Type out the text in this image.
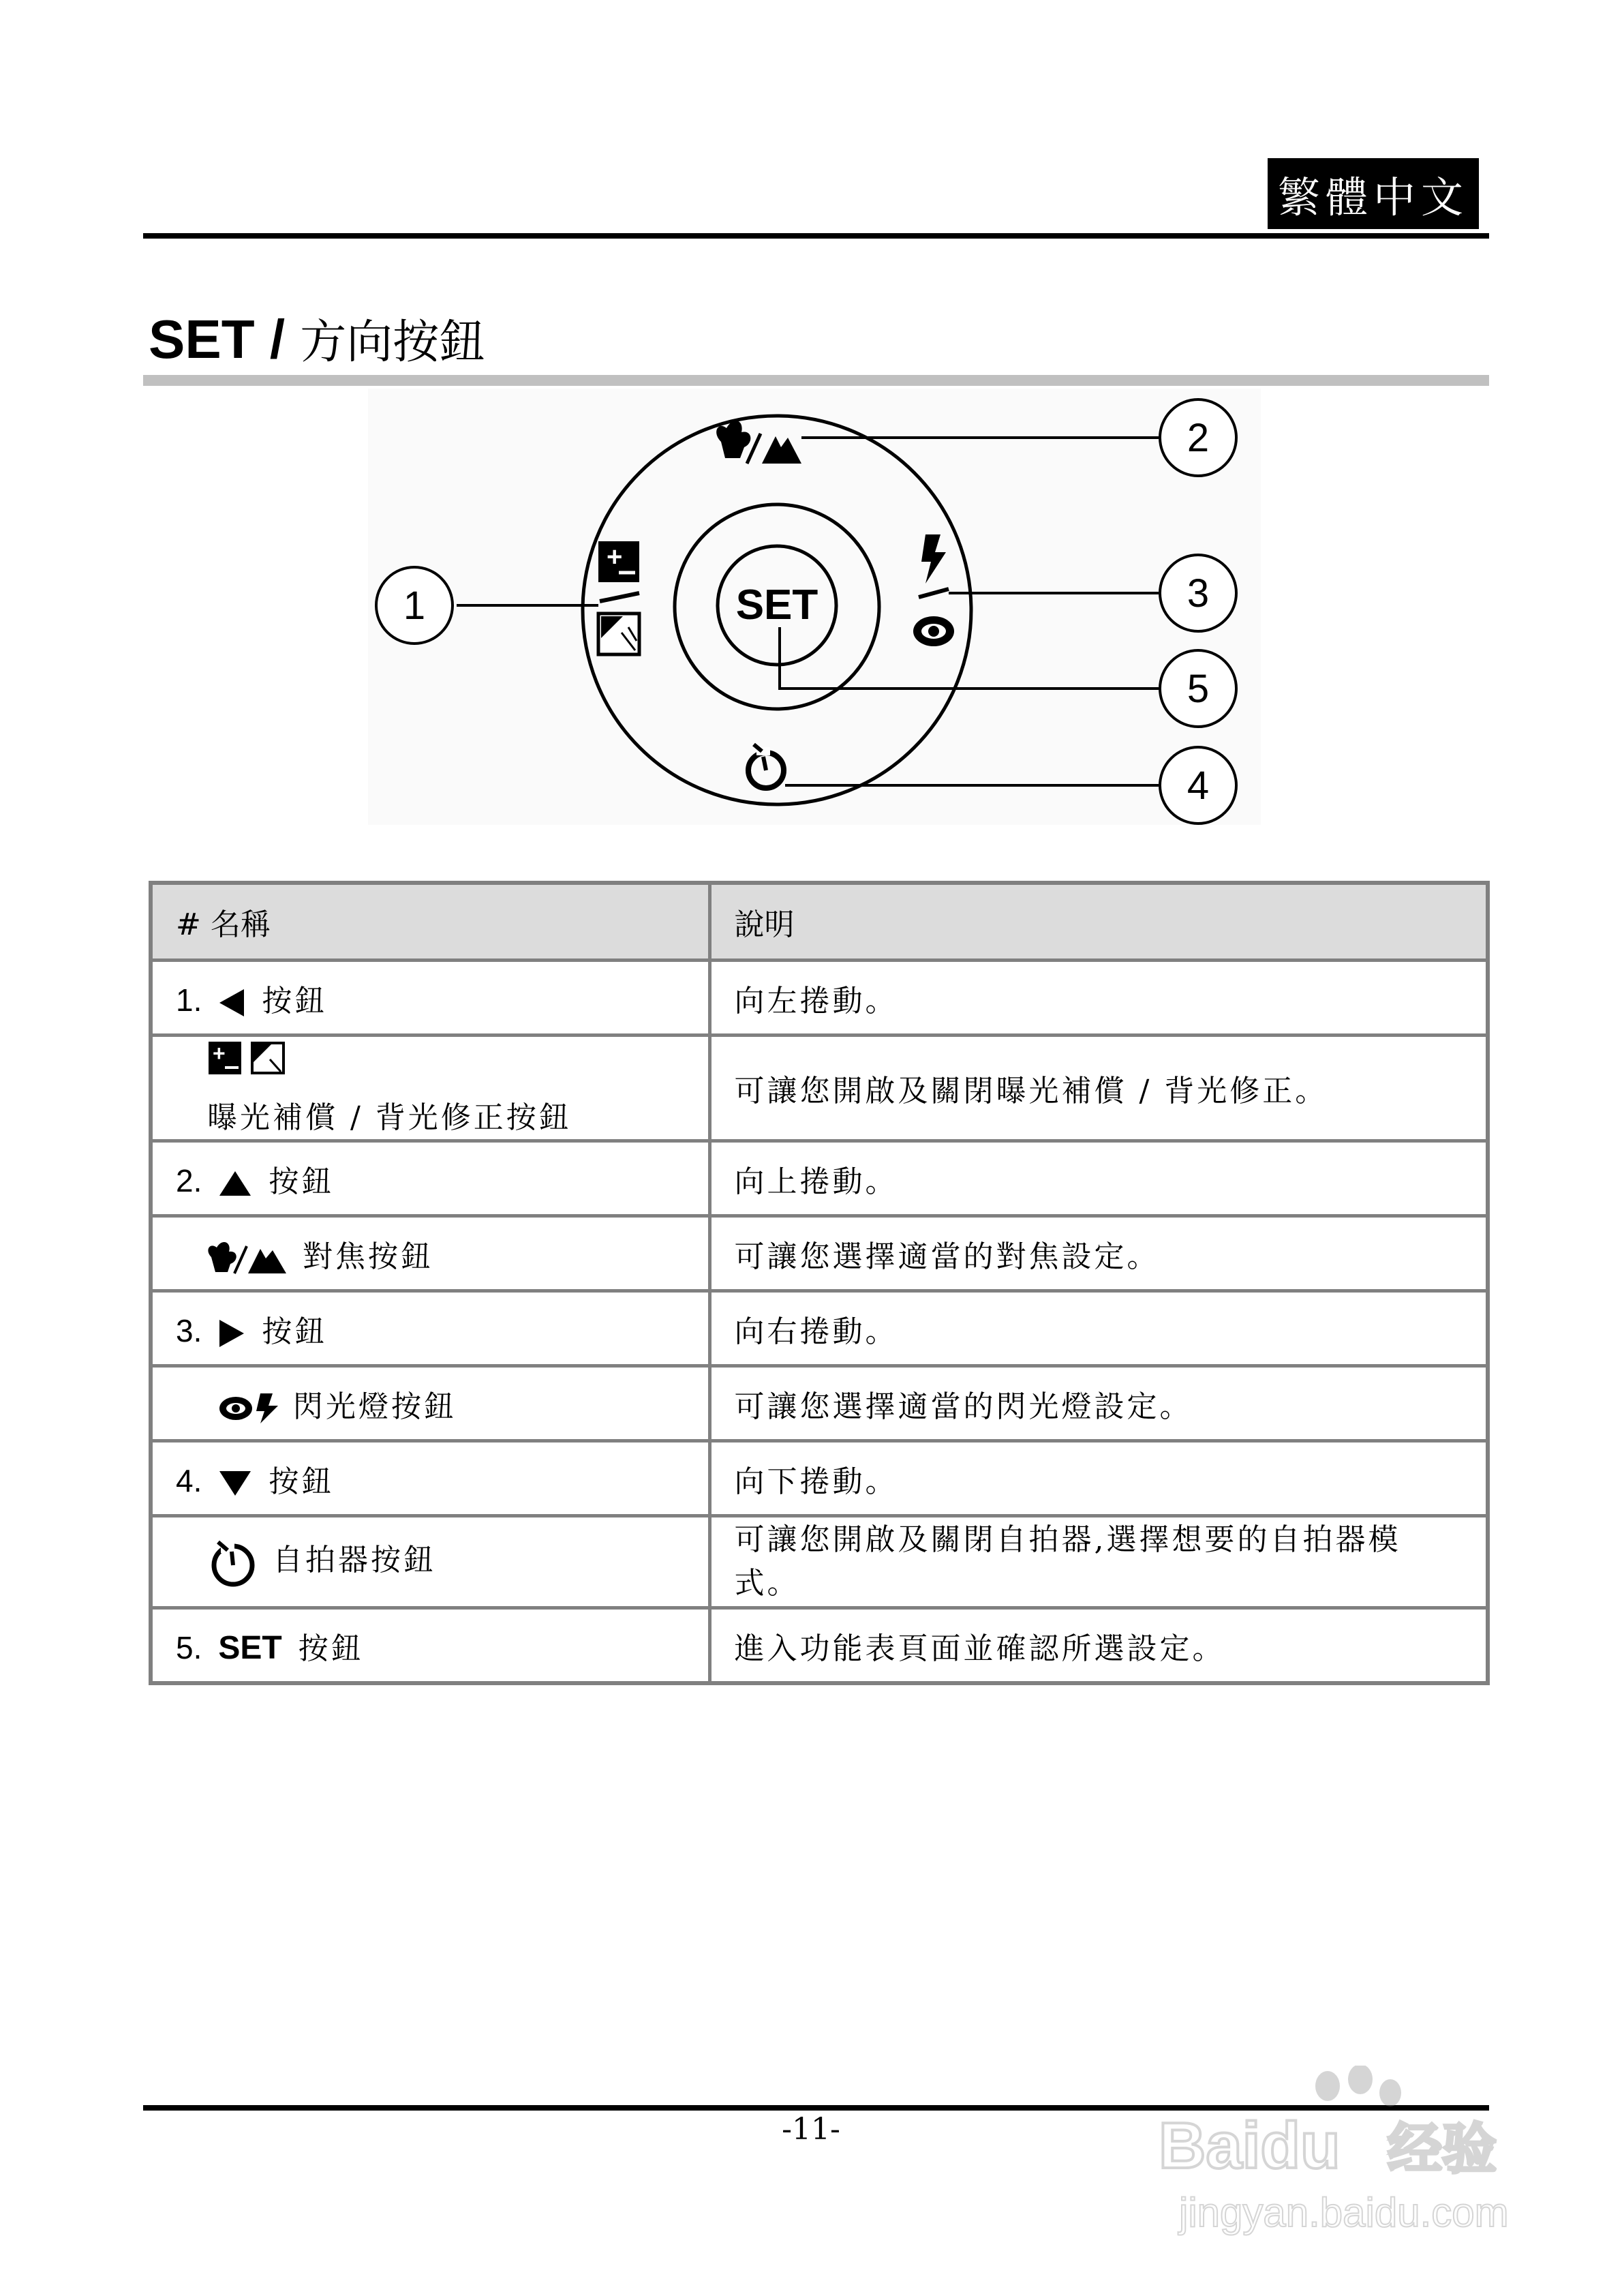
繁體中文
SET / 方向按鈕
SET
2
+
1	3
5
4
# 名稱	說明
1. 按鈕	向左捲動。

+
曝光補償 / 背光修正按鈕	可讓您開啟及關閉曝光補償 / 背光修正。
2. 按鈕	向上捲動。
對焦按鈕	可讓您選擇適當的對焦設定。
3. 按鈕	向右捲動。
閃光燈按鈕	可讓您選擇適當的閃光燈設定。
4. 按鈕	向下捲動。
自拍器按鈕	可讓您開啟及關閉自拍器,選擇想要的自拍器模式。
5. SET 按鈕	進入功能表頁面並確認所選設定。
-11-	Baidu 经验
jingyan.baidu.com
